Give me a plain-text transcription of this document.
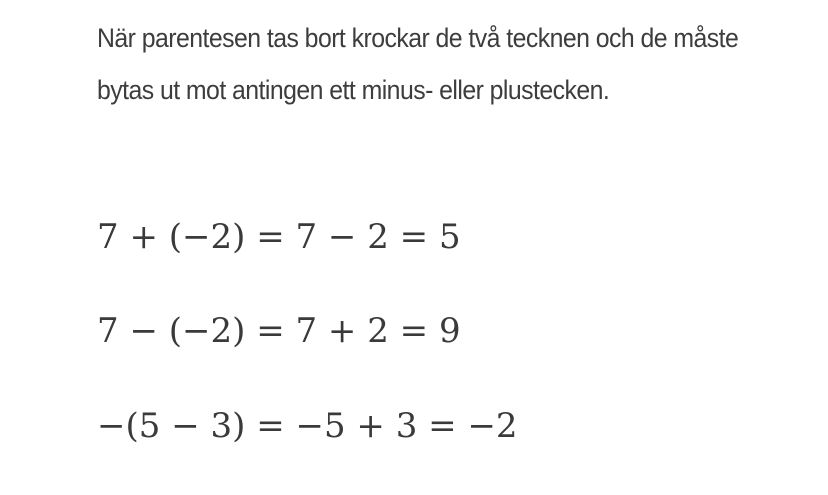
När parentesen tas bort krockar de två tecknen och de måste bytas ut mot antingen ett minus- eller plustecken.

7 + (−2) = 7 − 2 = 5
7 − (−2) = 7 + 2 = 9
−(5 − 3) = −5 + 3 = −2
